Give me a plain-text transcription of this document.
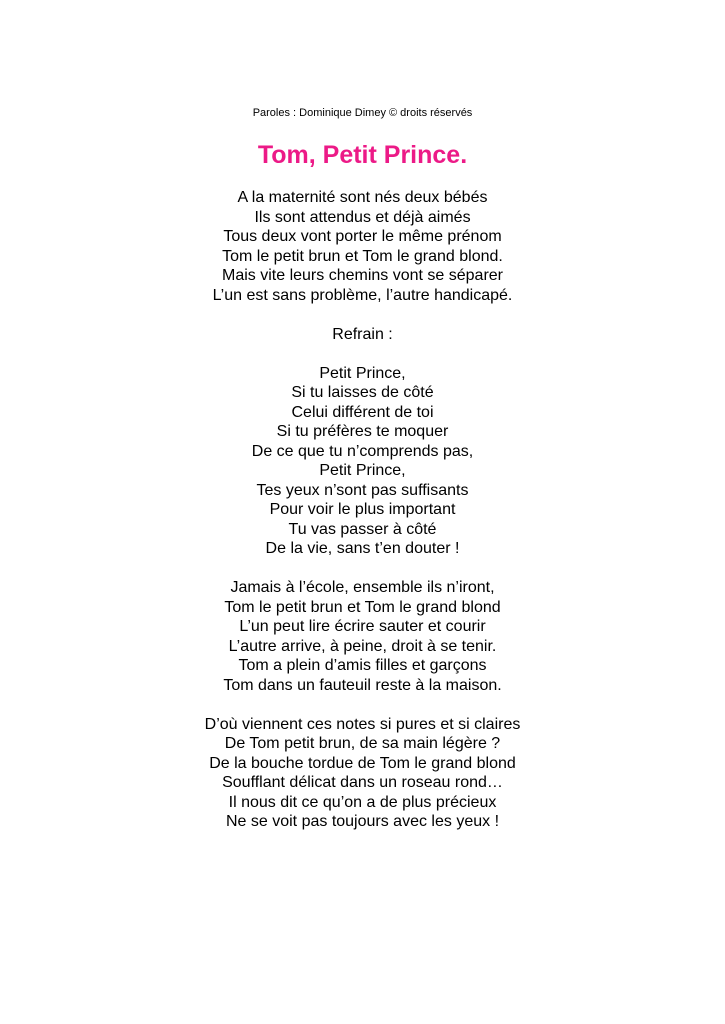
Paroles : Dominique Dimey © droits réservés
Tom, Petit Prince.
A la maternité sont nés deux bébés
Ils sont attendus et déjà aimés
Tous deux vont porter le même prénom
Tom le petit brun et Tom le grand blond.
Mais vite leurs chemins vont se séparer
L’un est sans problème, l’autre handicapé.
Refrain :
Petit Prince,
Si tu laisses de côté
Celui différent de toi
Si tu préfères te moquer
De ce que tu n’comprends pas,
Petit Prince,
Tes yeux n’sont pas suffisants
Pour voir le plus important
Tu vas passer à côté
De la vie, sans t’en douter !
Jamais à l’école, ensemble ils n’iront,
Tom le petit brun et Tom le grand blond
L’un peut lire écrire sauter et courir
L’autre arrive, à peine, droit à se tenir.
Tom a plein d’amis filles et garçons
Tom dans un fauteuil reste à la maison.
D’où viennent ces notes si pures et si claires
De Tom petit brun, de sa main légère ?
De la bouche tordue de Tom le grand blond
Soufflant délicat dans un roseau rond…
Il nous dit ce qu’on a de plus précieux
Ne se voit pas toujours avec les yeux !
